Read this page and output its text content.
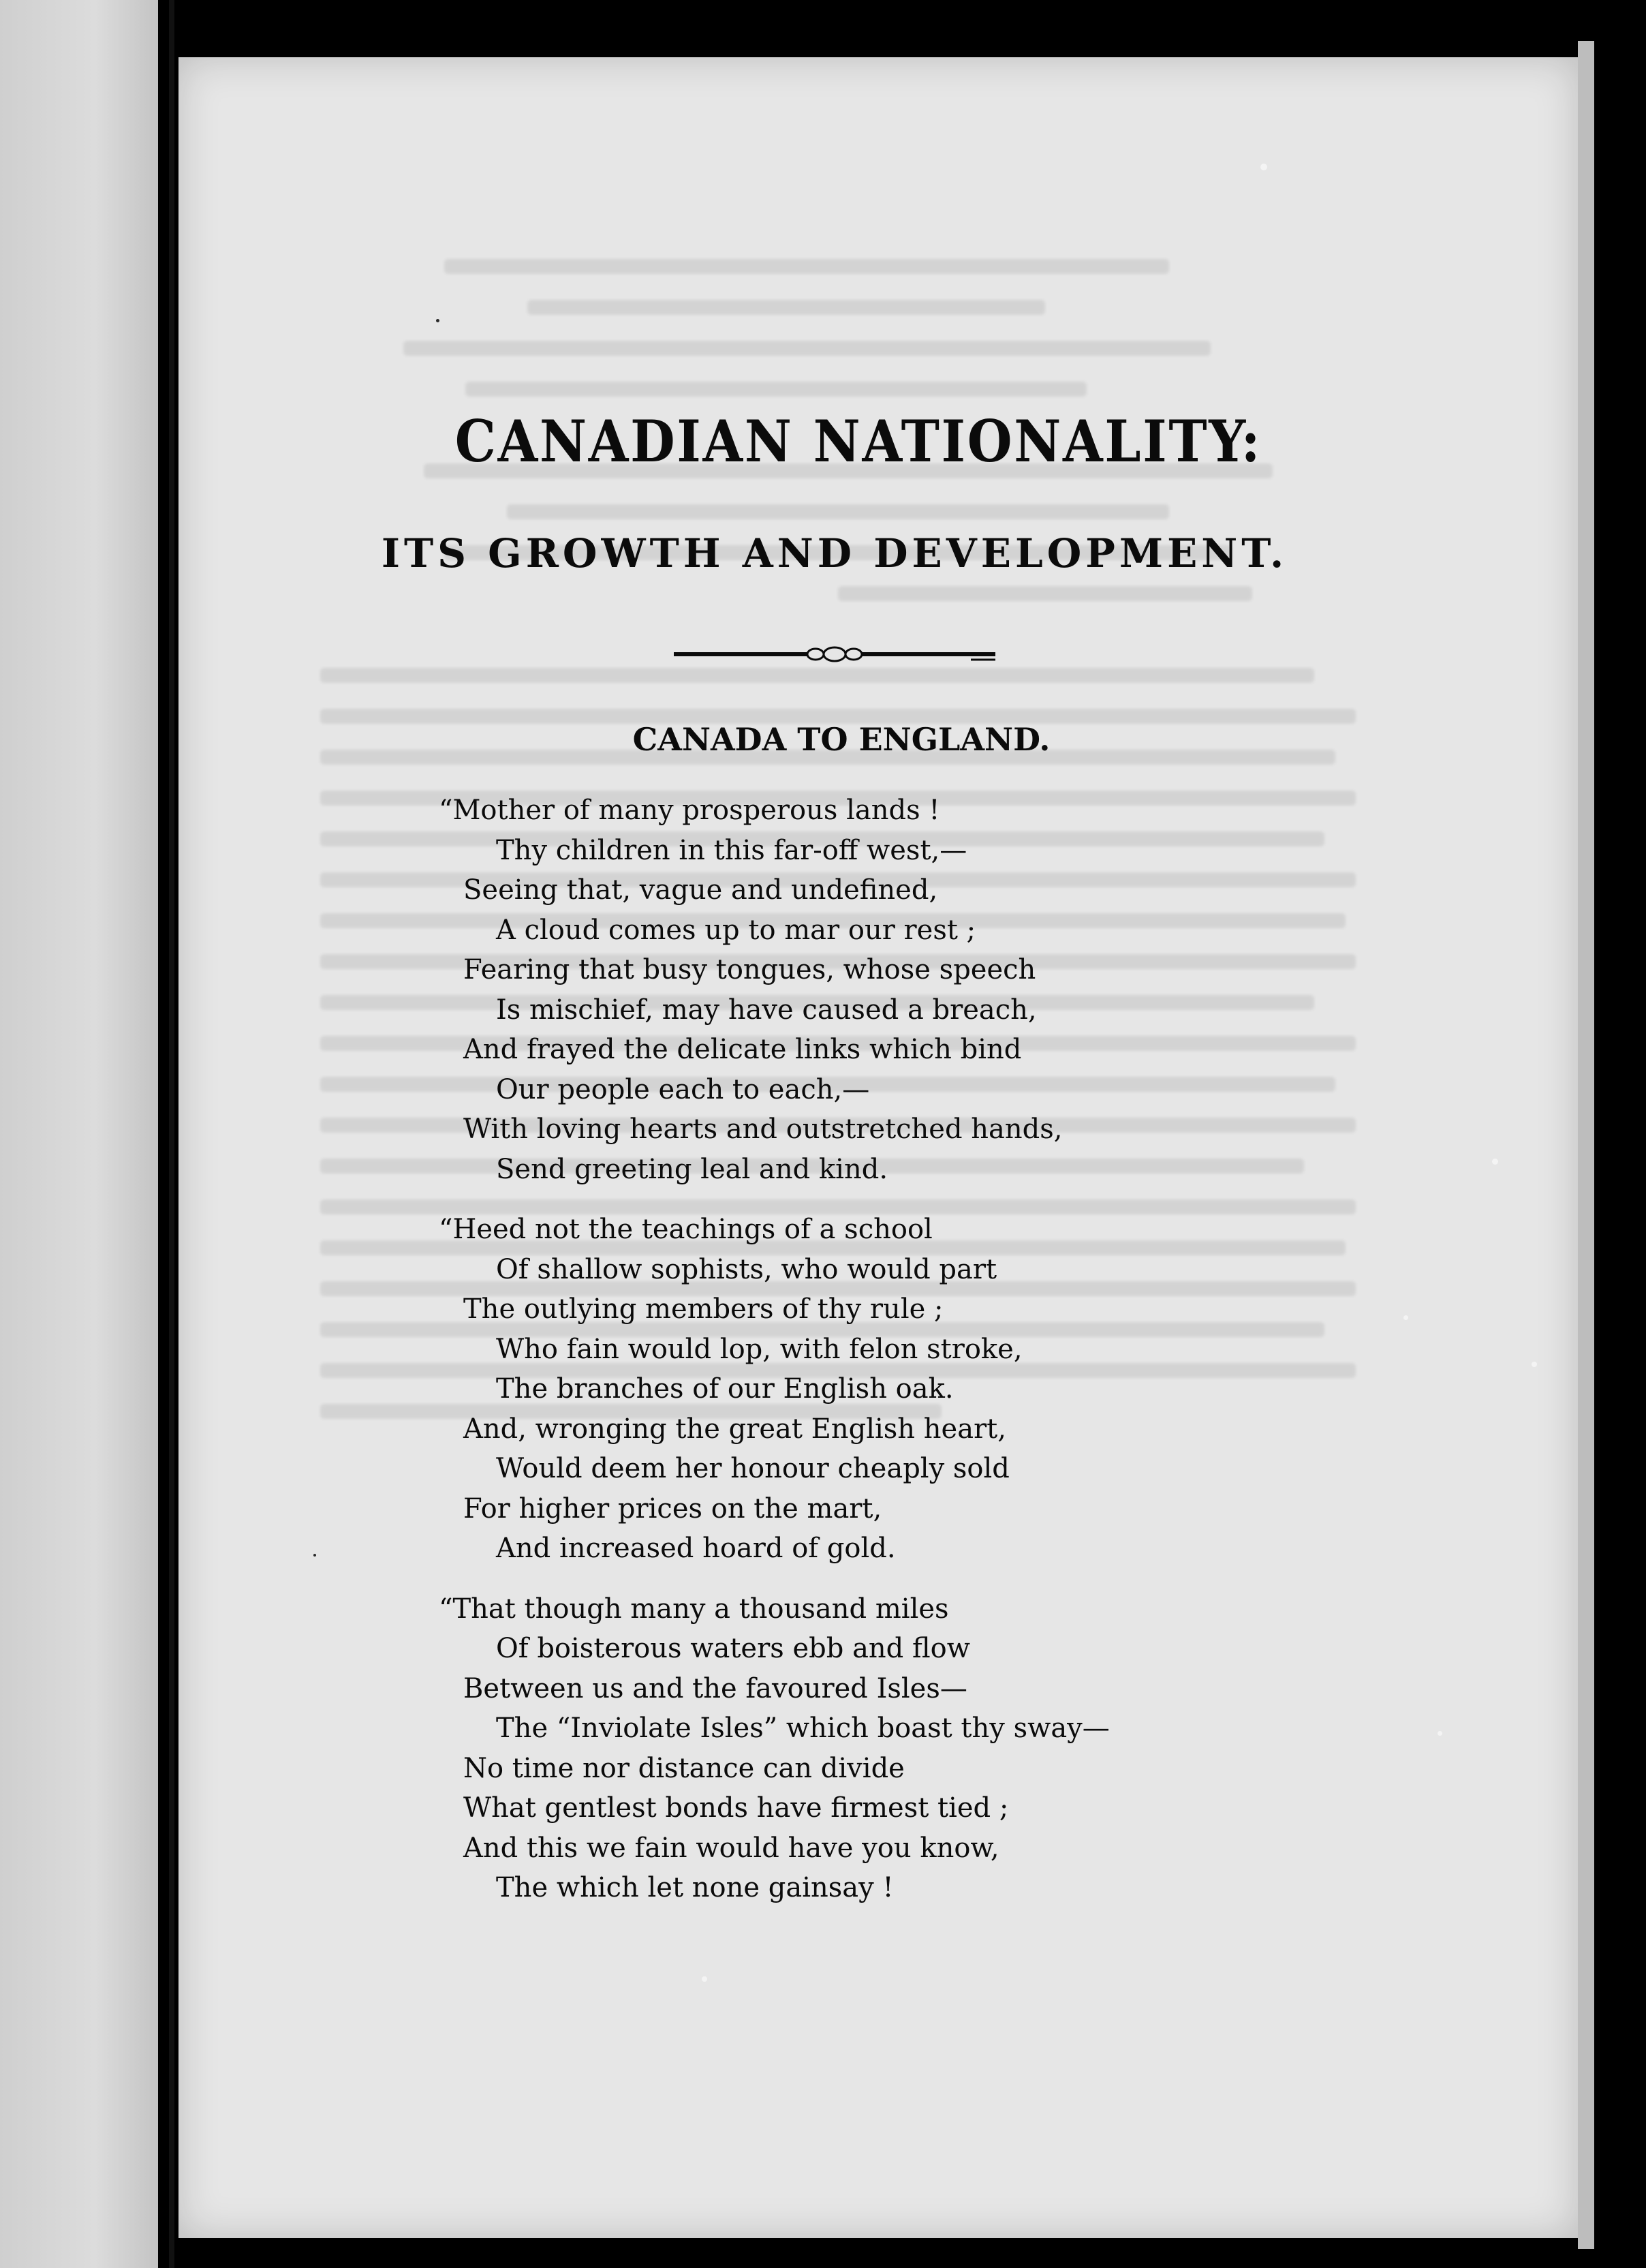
CANADIAN NATIONALITY:
ITS GROWTH AND DEVELOPMENT.
CANADA TO ENGLAND.
“Mother of many prosperous lands !
Thy children in this far-off west,—
Seeing that, vague and undefined,
A cloud comes up to mar our rest ;
Fearing that busy tongues, whose speech
Is mischief, may have caused a breach,
And frayed the delicate links which bind
Our people each to each,—
With loving hearts and outstretched hands,
Send greeting leal and kind.
“Heed not the teachings of a school
Of shallow sophists, who would part
The outlying members of thy rule ;
Who fain would lop, with felon stroke,
The branches of our English oak.
And, wronging the great English heart,
Would deem her honour cheaply sold
For higher prices on the mart,
And increased hoard of gold.
“That though many a thousand miles
Of boisterous waters ebb and flow
Between us and the favoured Isles—
The “Inviolate Isles” which boast thy sway—
No time nor distance can divide
What gentlest bonds have firmest tied ;
And this we fain would have you know,
The which let none gainsay !
